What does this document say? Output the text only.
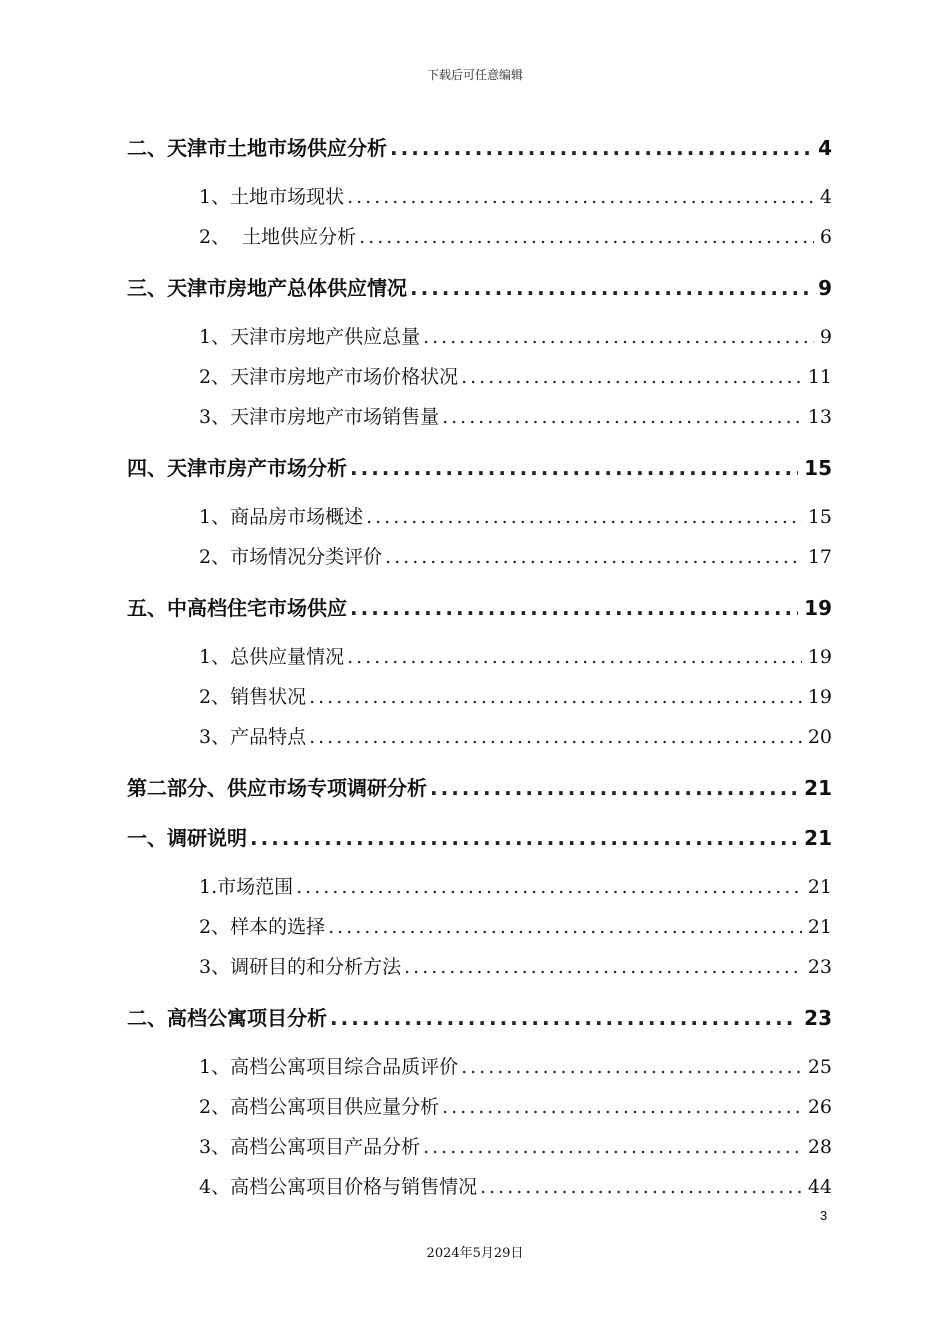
下载后可任意编辑
二、天津市土地市场供应分析 .....	4
1、土地市场现状 .....	4
2、  土地供应分析 .....	6
三、天津市房地产总体供应情况 .....	9
1、天津市房地产供应总量 .....	9
2、天津市房地产市场价格状况 .....	11
3、天津市房地产市场销售量 .....	13
四、天津市房产市场分析 .....	15
1、商品房市场概述 .....	15
2、市场情况分类评价 .....	17
五、中高档住宅市场供应 .....	19
1、总供应量情况 .....	19
2、销售状况 .....	19
3、产品特点 .....	20
第二部分、供应市场专项调研分析 .....	21
一、调研说明 .....	21
1.市场范围 .....	21
2、样本的选择 .....	21
3、调研目的和分析方法 .....	23
二、高档公寓项目分析 .....	23
1、高档公寓项目综合品质评价 .....	25
2、高档公寓项目供应量分析 .....	26
3、高档公寓项目产品分析 .....	28
4、高档公寓项目价格与销售情况 .....	44
3
2024年5月29日
